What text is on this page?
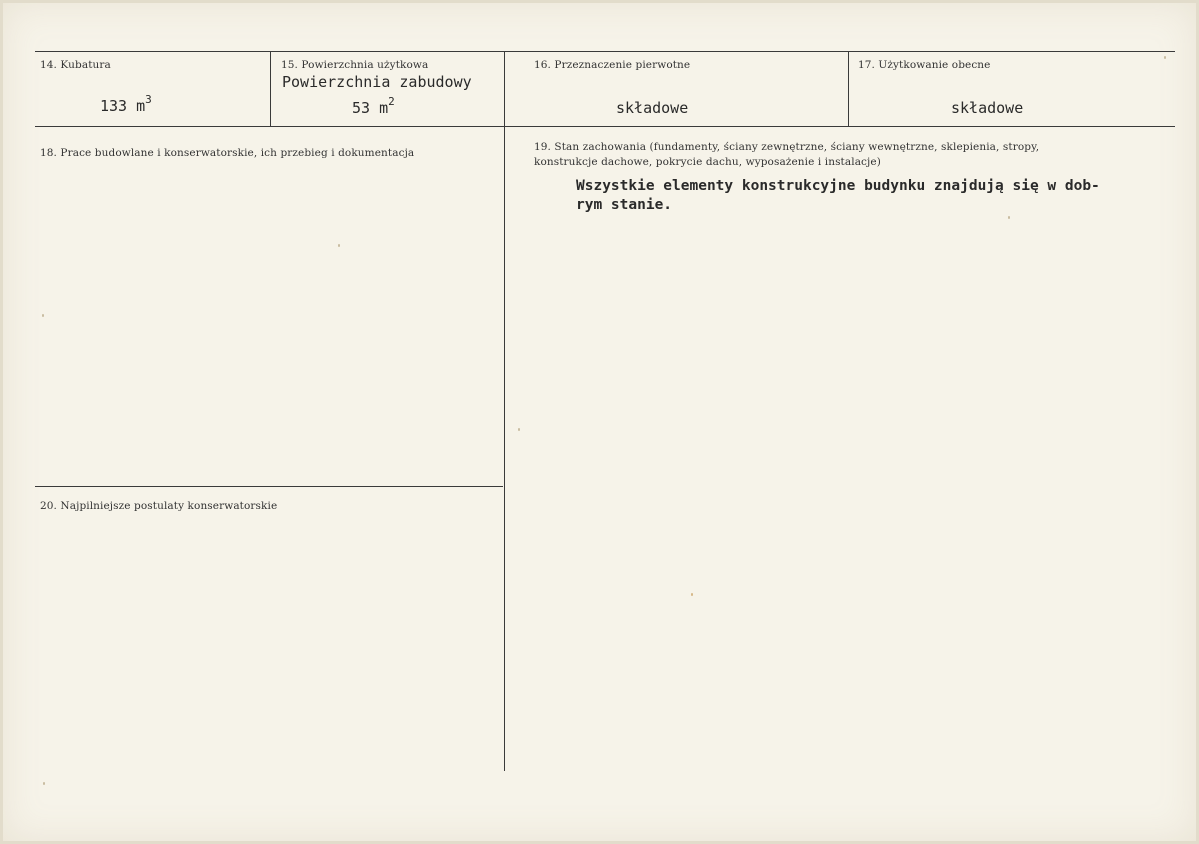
14. Kubatura
133 $m^3$
15. Powierzchnia użytkowa
Powierzchnia zabudowy
53 $m^2$
16. Przeznaczenie pierwotne
składowe
17. Użytkowanie obecne
składowe
18. Prace budowlane i konserwatorskie, ich przebieg i dokumentacja	19. Stan zachowania (fundamenty, ściany zewnętrzne, ściany wewnętrzne, sklepienia, stropy,
konstrukcje dachowe, pokrycie dachu, wyposażenie i instalacje)
Wszystkie elementy konstrukcyjne budynku znajdują się w dob-
rym stanie.
20. Najpilniejsze postulaty konserwatorskie
